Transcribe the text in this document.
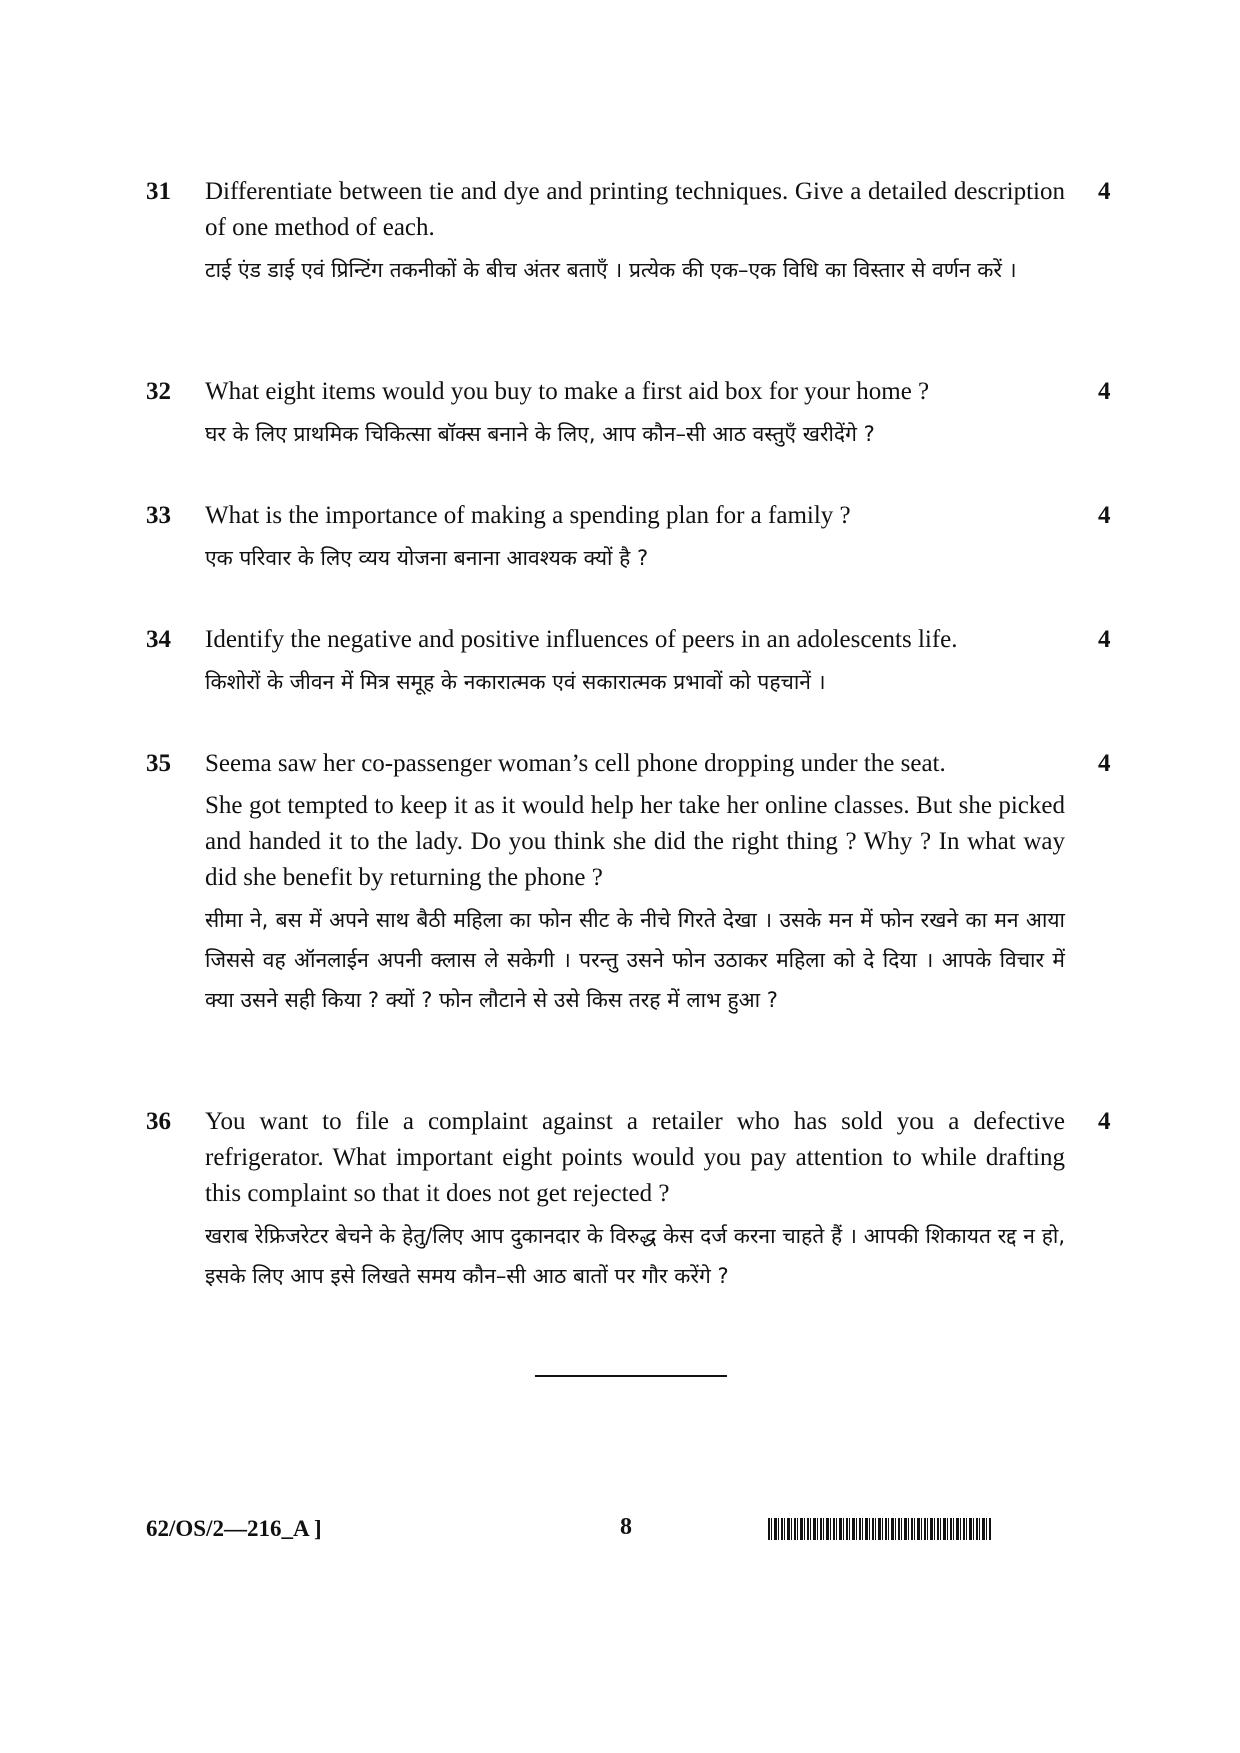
31 Differentiate between tie and dye and printing techniques. Give a detailed description of one method of each.

टाई एंड डाई एवं प्रिन्टिंग तकनीकों के बीच अंतर बताएँ । प्रत्येक की एक–एक विधि का विस्तार से वर्णन करें ।

4
32 What eight items would you buy to make a first aid box for your home ?

घर के लिए प्राथमिक चिकित्सा बॉक्स बनाने के लिए, आप कौन–सी आठ वस्तुएँ खरीदेंगे ?

4
33 What is the importance of making a spending plan for a family ?

एक परिवार के लिए व्यय योजना बनाना आवश्यक क्यों है ?

4
34 Identify the negative and positive influences of peers in an adolescents life.

किशोरों के जीवन में मित्र समूह के नकारात्मक एवं सकारात्मक प्रभावों को पहचानें ।

4
35 Seema saw her co-passenger woman’s cell phone dropping under the seat.

She got tempted to keep it as it would help her take her online classes. But she picked and handed it to the lady. Do you think she did the right thing ? Why ? In what way did she benefit by returning the phone ?

सीमा ने, बस में अपने साथ बैठी महिला का फोन सीट के नीचे गिरते देखा । उसके मन में फोन रखने का मन आया जिससे वह ऑनलाईन अपनी क्लास ले सकेगी । परन्तु उसने फोन उठाकर महिला को दे दिया । आपके विचार में क्या उसने सही किया ? क्यों ? फोन लौटाने से उसे किस तरह में लाभ हुआ ?

4
36 You want to file a complaint against a retailer who has sold you a defective refrigerator. What important eight points would you pay attention to while drafting this complaint so that it does not get rejected ?

खराब रेफ्रिजरेटर बेचने के हेतु/लिए आप दुकानदार के विरुद्ध केस दर्ज करना चाहते हैं । आपकी शिकायत रद्द न हो, इसके लिए आप इसे लिखते समय कौन–सी आठ बातों पर गौर करेंगे ?

4
62/OS/2—216_A ]	8
